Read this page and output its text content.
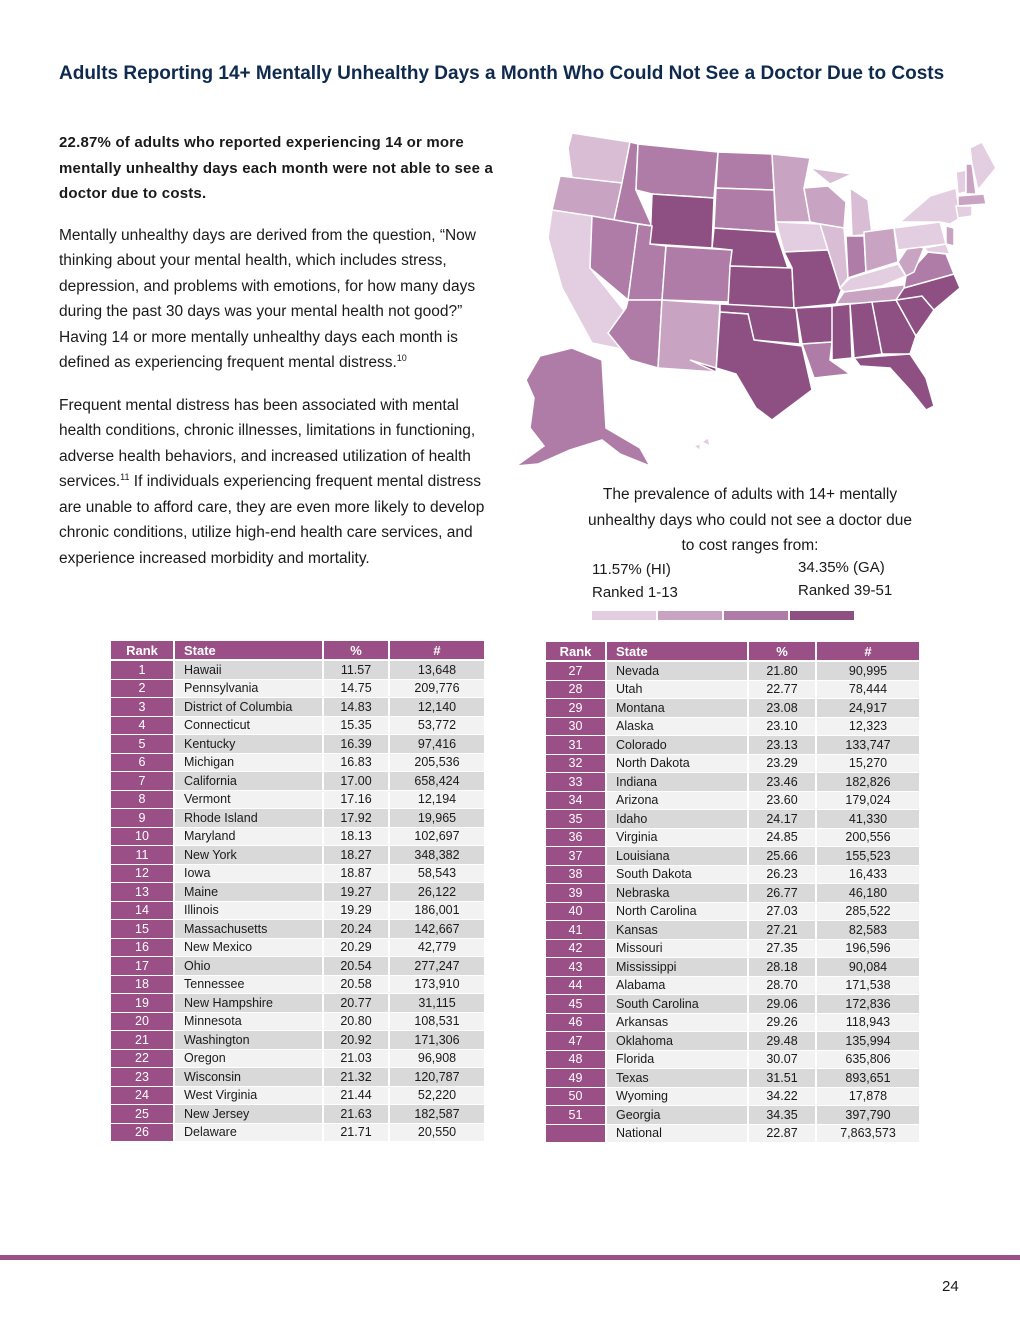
Adults Reporting 14+ Mentally Unhealthy Days a Month Who Could Not See a Doctor Due to Costs

22.87% of adults who reported experiencing 14 or more mentally unhealthy days each month were not able to see a doctor due to costs.

Mentally unhealthy days are derived from the question, “Now thinking about your mental health, which includes stress, depression, and problems with emotions, for how many days during the past 30 days was your mental health not good?” Having 14 or more mentally unhealthy days each month is defined as experiencing frequent mental distress.$^{10}$

Frequent mental distress has been associated with mental health conditions, chronic illnesses, limitations in functioning, adverse health behaviors, and increased utilization of health services.$^{11}$ If individuals experiencing frequent mental distress are unable to afford care, they are even more likely to develop chronic conditions, utilize high-end health care services, and experience increased morbidity and mortality.

The prevalence of adults with 14+ mentally unhealthy days who could not see a doctor due to cost ranges from:
11.57% (HI)
Ranked 1-13
34.35% (GA)
Ranked 39-51
Rank	State	%	#
1	Hawaii	11.57	13,648
2	Pennsylvania	14.75	209,776
3	District of Columbia	14.83	12,140
4	Connecticut	15.35	53,772
5	Kentucky	16.39	97,416
6	Michigan	16.83	205,536
7	California	17.00	658,424
8	Vermont	17.16	12,194
9	Rhode Island	17.92	19,965
10	Maryland	18.13	102,697
11	New York	18.27	348,382
12	Iowa	18.87	58,543
13	Maine	19.27	26,122
14	Illinois	19.29	186,001
15	Massachusetts	20.24	142,667
16	New Mexico	20.29	42,779
17	Ohio	20.54	277,247
18	Tennessee	20.58	173,910
19	New Hampshire	20.77	31,115
20	Minnesota	20.80	108,531
21	Washington	20.92	171,306
22	Oregon	21.03	96,908
23	Wisconsin	21.32	120,787
24	West Virginia	21.44	52,220
25	New Jersey	21.63	182,587
26	Delaware	21.71	20,550
Rank	State	%	#
27	Nevada	21.80	90,995
28	Utah	22.77	78,444
29	Montana	23.08	24,917
30	Alaska	23.10	12,323
31	Colorado	23.13	133,747
32	North Dakota	23.29	15,270
33	Indiana	23.46	182,826
34	Arizona	23.60	179,024
35	Idaho	24.17	41,330
36	Virginia	24.85	200,556
37	Louisiana	25.66	155,523
38	South Dakota	26.23	16,433
39	Nebraska	26.77	46,180
40	North Carolina	27.03	285,522
41	Kansas	27.21	82,583
42	Missouri	27.35	196,596
43	Mississippi	28.18	90,084
44	Alabama	28.70	171,538
45	South Carolina	29.06	172,836
46	Arkansas	29.26	118,943
47	Oklahoma	29.48	135,994
48	Florida	30.07	635,806
49	Texas	31.51	893,651
50	Wyoming	34.22	17,878
51	Georgia	34.35	397,790
	National	22.87	7,863,573
24
